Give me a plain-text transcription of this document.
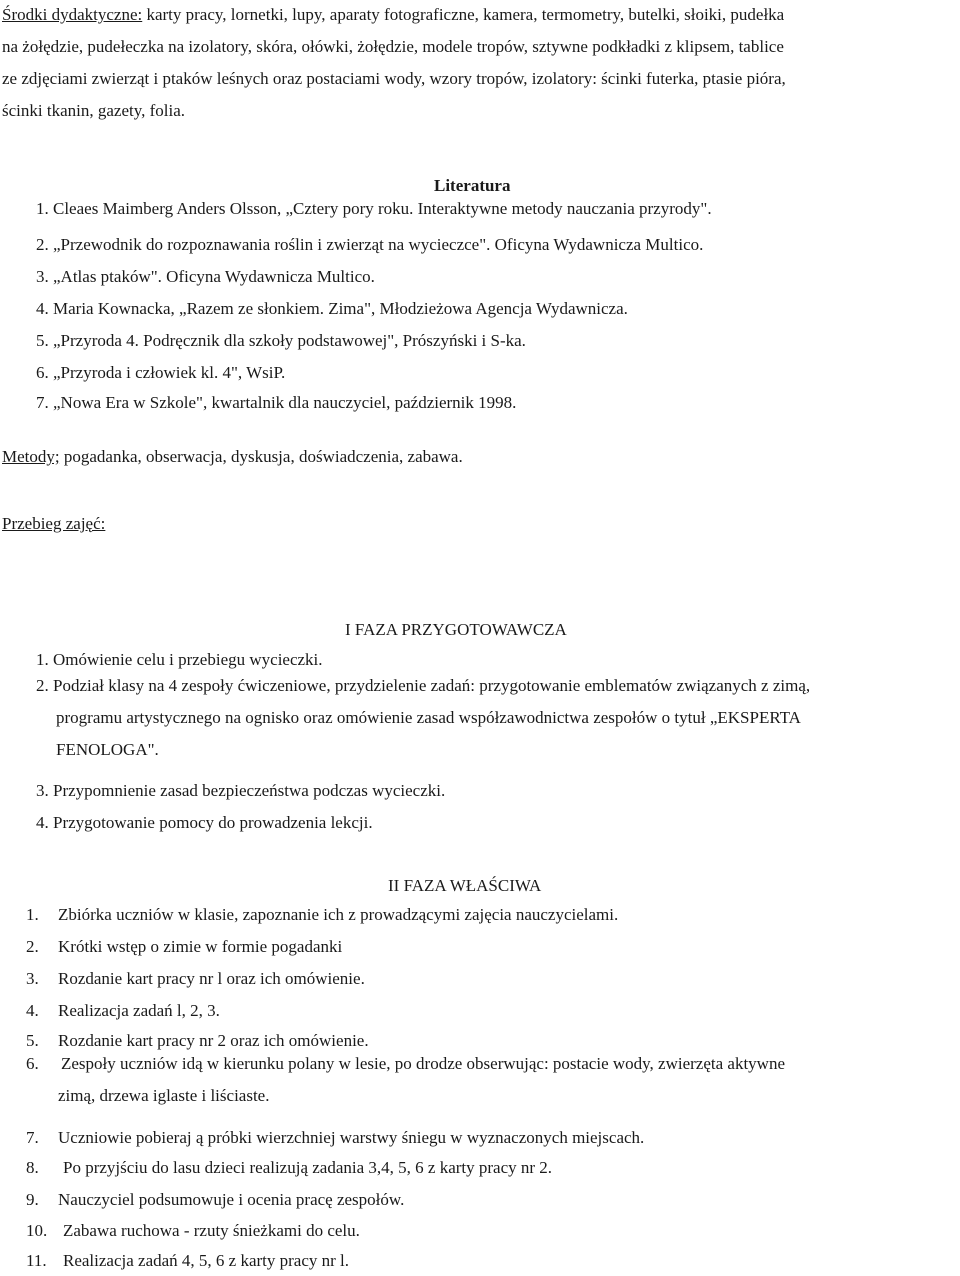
Środki dydaktyczne: karty pracy, lornetki, lupy, aparaty fotograficzne, kamera, termometry, butelki, słoiki, pudełka
na żołędzie, pudełeczka na izolatory, skóra, ołówki, żołędzie, modele tropów, sztywne podkładki z klipsem, tablice
ze zdjęciami zwierząt i ptaków leśnych oraz postaciami wody, wzory tropów, izolatory: ścinki futerka, ptasie pióra,
ścinki tkanin, gazety, folia.
Literatura
1. Cleaes Maimberg Anders Olsson, „Cztery pory roku. Interaktywne metody nauczania przyrody".
2. „Przewodnik do rozpoznawania roślin i zwierząt na wycieczce". Oficyna Wydawnicza Multico.
3. „Atlas ptaków". Oficyna Wydawnicza Multico.
4. Maria Kownacka, „Razem ze słonkiem. Zima", Młodzieżowa Agencja Wydawnicza.
5. „Przyroda 4. Podręcznik dla szkoły podstawowej", Prószyński i S-ka.
6. „Przyroda i człowiek kl. 4", WsiP.
7. „Nowa Era w Szkole", kwartalnik dla nauczyciel, październik 1998.
Metody; pogadanka, obserwacja, dyskusja, doświadczenia, zabawa.
Przebieg zajęć:
I FAZA PRZYGOTOWAWCZA
1. Omówienie celu i przebiegu wycieczki.
2. Podział klasy na 4 zespoły ćwiczeniowe, przydzielenie zadań: przygotowanie emblematów związanych z zimą,
programu artystycznego na ognisko oraz omówienie zasad współzawodnictwa zespołów o tytuł „EKSPERTA
FENOLOGA".
3. Przypomnienie zasad bezpieczeństwa podczas wycieczki.
4. Przygotowanie pomocy do prowadzenia lekcji.
II FAZA WŁAŚCIWA
1. Zbiórka uczniów w klasie, zapoznanie ich z prowadzącymi zajęcia nauczycielami.
2. Krótki wstęp o zimie w formie pogadanki
3. Rozdanie kart pracy nr l oraz ich omówienie.
4. Realizacja zadań l, 2, 3.
5. Rozdanie kart pracy nr 2 oraz ich omówienie.
6. Zespoły uczniów idą w kierunku polany w lesie, po drodze obserwując: postacie wody, zwierzęta aktywne
zimą, drzewa iglaste i liściaste.
7. Uczniowie pobieraj ą próbki wierzchniej warstwy śniegu w wyznaczonych miejscach.
8. Po przyjściu do lasu dzieci realizują zadania 3,4, 5, 6 z karty pracy nr 2.
9. Nauczyciel podsumowuje i ocenia pracę zespołów.
10. Zabawa ruchowa - rzuty śnieżkami do celu.
11. Realizacja zadań 4, 5, 6 z karty pracy nr l.
